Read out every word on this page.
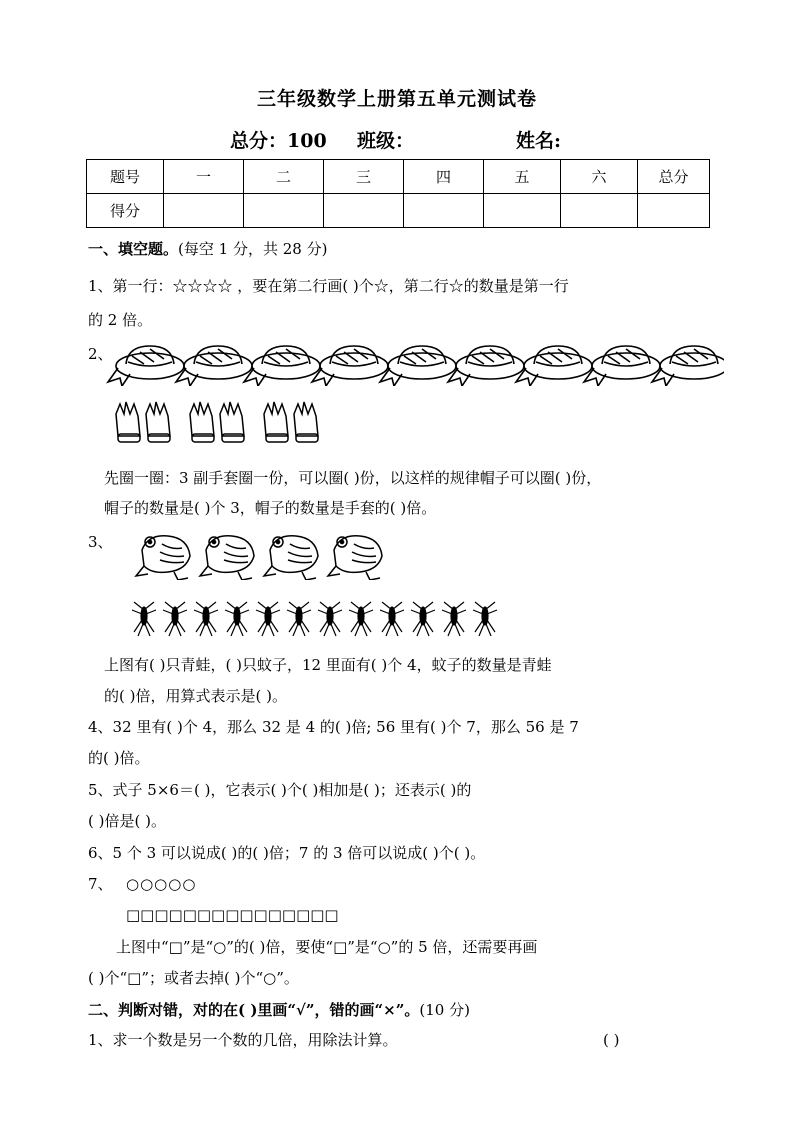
三年级数学上册第五单元测试卷
总分：100 班级：	姓名:
题号	一	二	三	四	五	六	总分
得分							
一、填空题。(每空 1 分，共 28 分)
1、第一行：☆☆☆☆ ，要在第二行画( )个☆，第二行☆的数量是第一行
的 2 倍。
2、
先圈一圈：3 副手套圈一份，可以圈( )份，以这样的规律帽子可以圈( )份，
帽子的数量是( )个 3，帽子的数量是手套的( )倍。
3、
上图有( )只青蛙，( )只蚊子，12 里面有( )个 4，蚊子的数量是青蛙
的( )倍，用算式表示是( )。
4、32 里有( )个 4，那么 32 是 4 的( )倍; 56 里有( )个 7，那么 56 是 7
的( )倍。
5、式子 5×6＝( )，它表示( )个( )相加是( )；还表示( )的
( )倍是( )。
6、5 个 3 可以说成( )的( )倍；7 的 3 倍可以说成( )个( )。
7、 ○○○○○
□□□□□□□□□□□□□□□
上图中“□”是“○”的( )倍，要使“□”是“○”的 5 倍，还需要再画
( )个“□”；或者去掉( )个“○”。
二、判断对错，对的在( )里画“√”，错的画“×”。(10 分)
1、求一个数是另一个数的几倍，用除法计算。	( )
